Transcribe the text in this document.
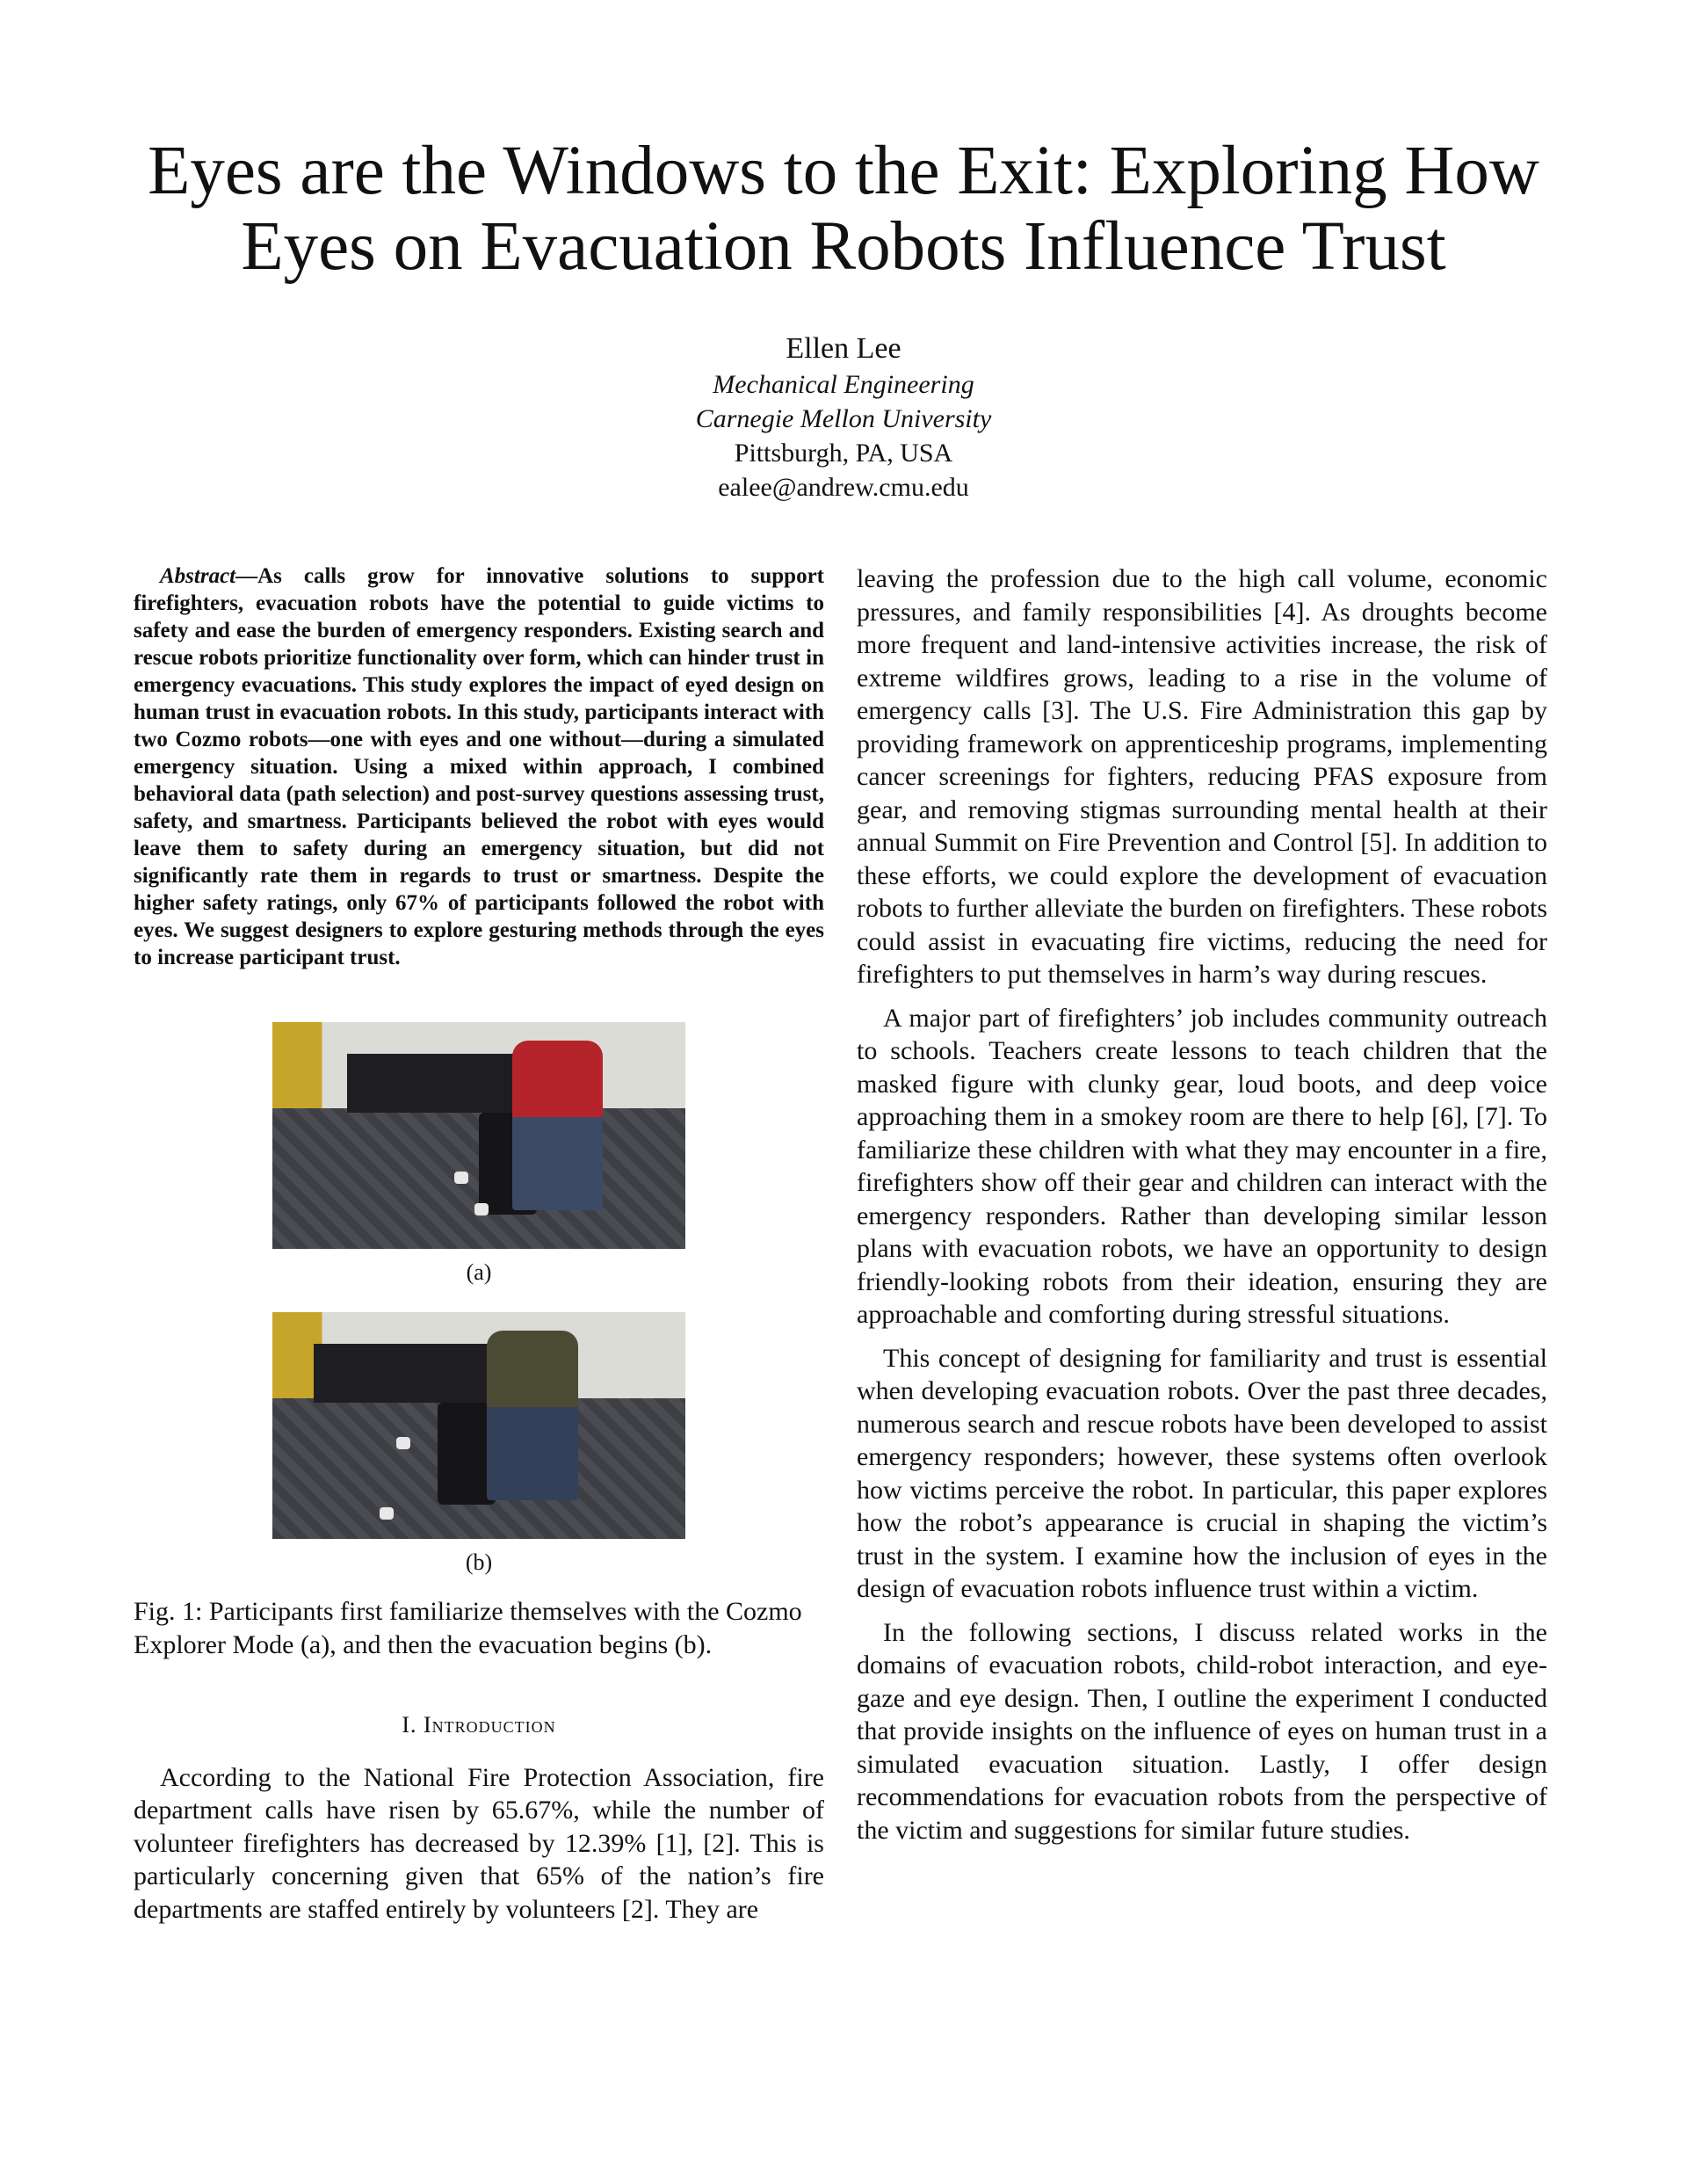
Eyes are the Windows to the Exit: Exploring How Eyes on Evacuation Robots Influence Trust
Ellen Lee
Mechanical Engineering
Carnegie Mellon University
Pittsburgh, PA, USA
ealee@andrew.cmu.edu

Abstract—As calls grow for innovative solutions to support firefighters, evacuation robots have the potential to guide victims to safety and ease the burden of emergency responders. Existing search and rescue robots prioritize functionality over form, which can hinder trust in emergency evacuations. This study explores the impact of eyed design on human trust in evacuation robots. In this study, participants interact with two Cozmo robots—one with eyes and one without—during a simulated emergency situation. Using a mixed within approach, I combined behavioral data (path selection) and post-survey questions assessing trust, safety, and smartness. Participants believed the robot with eyes would leave them to safety during an emergency situation, but did not significantly rate them in regards to trust or smartness. Despite the higher safety ratings, only 67% of participants followed the robot with eyes. We suggest designers to explore gesturing methods through the eyes to increase participant trust.

(a)
(b)

Fig. 1: Participants first familiarize themselves with the Cozmo Explorer Mode (a), and then the evacuation begins (b).

I. Introduction

According to the National Fire Protection Association, fire department calls have risen by 65.67%, while the number of volunteer firefighters has decreased by 12.39% [1], [2]. This is particularly concerning given that 65% of the nation’s fire departments are staffed entirely by volunteers [2]. They are

leaving the profession due to the high call volume, economic pressures, and family responsibilities [4]. As droughts become more frequent and land-intensive activities increase, the risk of extreme wildfires grows, leading to a rise in the volume of emergency calls [3]. The U.S. Fire Administration this gap by providing framework on apprenticeship programs, implementing cancer screenings for fighters, reducing PFAS exposure from gear, and removing stigmas surrounding mental health at their annual Summit on Fire Prevention and Control [5]. In addition to these efforts, we could explore the development of evacuation robots to further alleviate the burden on firefighters. These robots could assist in evacuating fire victims, reducing the need for firefighters to put themselves in harm’s way during rescues.

A major part of firefighters’ job includes community outreach to schools. Teachers create lessons to teach children that the masked figure with clunky gear, loud boots, and deep voice approaching them in a smokey room are there to help [6], [7]. To familiarize these children with what they may encounter in a fire, firefighters show off their gear and children can interact with the emergency responders. Rather than developing similar lesson plans with evacuation robots, we have an opportunity to design friendly-looking robots from their ideation, ensuring they are approachable and comforting during stressful situations.

This concept of designing for familiarity and trust is essential when developing evacuation robots. Over the past three decades, numerous search and rescue robots have been developed to assist emergency responders; however, these systems often overlook how victims perceive the robot. In particular, this paper explores how the robot’s appearance is crucial in shaping the victim’s trust in the system. I examine how the inclusion of eyes in the design of evacuation robots influence trust within a victim.

In the following sections, I discuss related works in the domains of evacuation robots, child-robot interaction, and eye-gaze and eye design. Then, I outline the experiment I conducted that provide insights on the influence of eyes on human trust in a simulated evacuation situation. Lastly, I offer design recommendations for evacuation robots from the perspective of the victim and suggestions for similar future studies.
